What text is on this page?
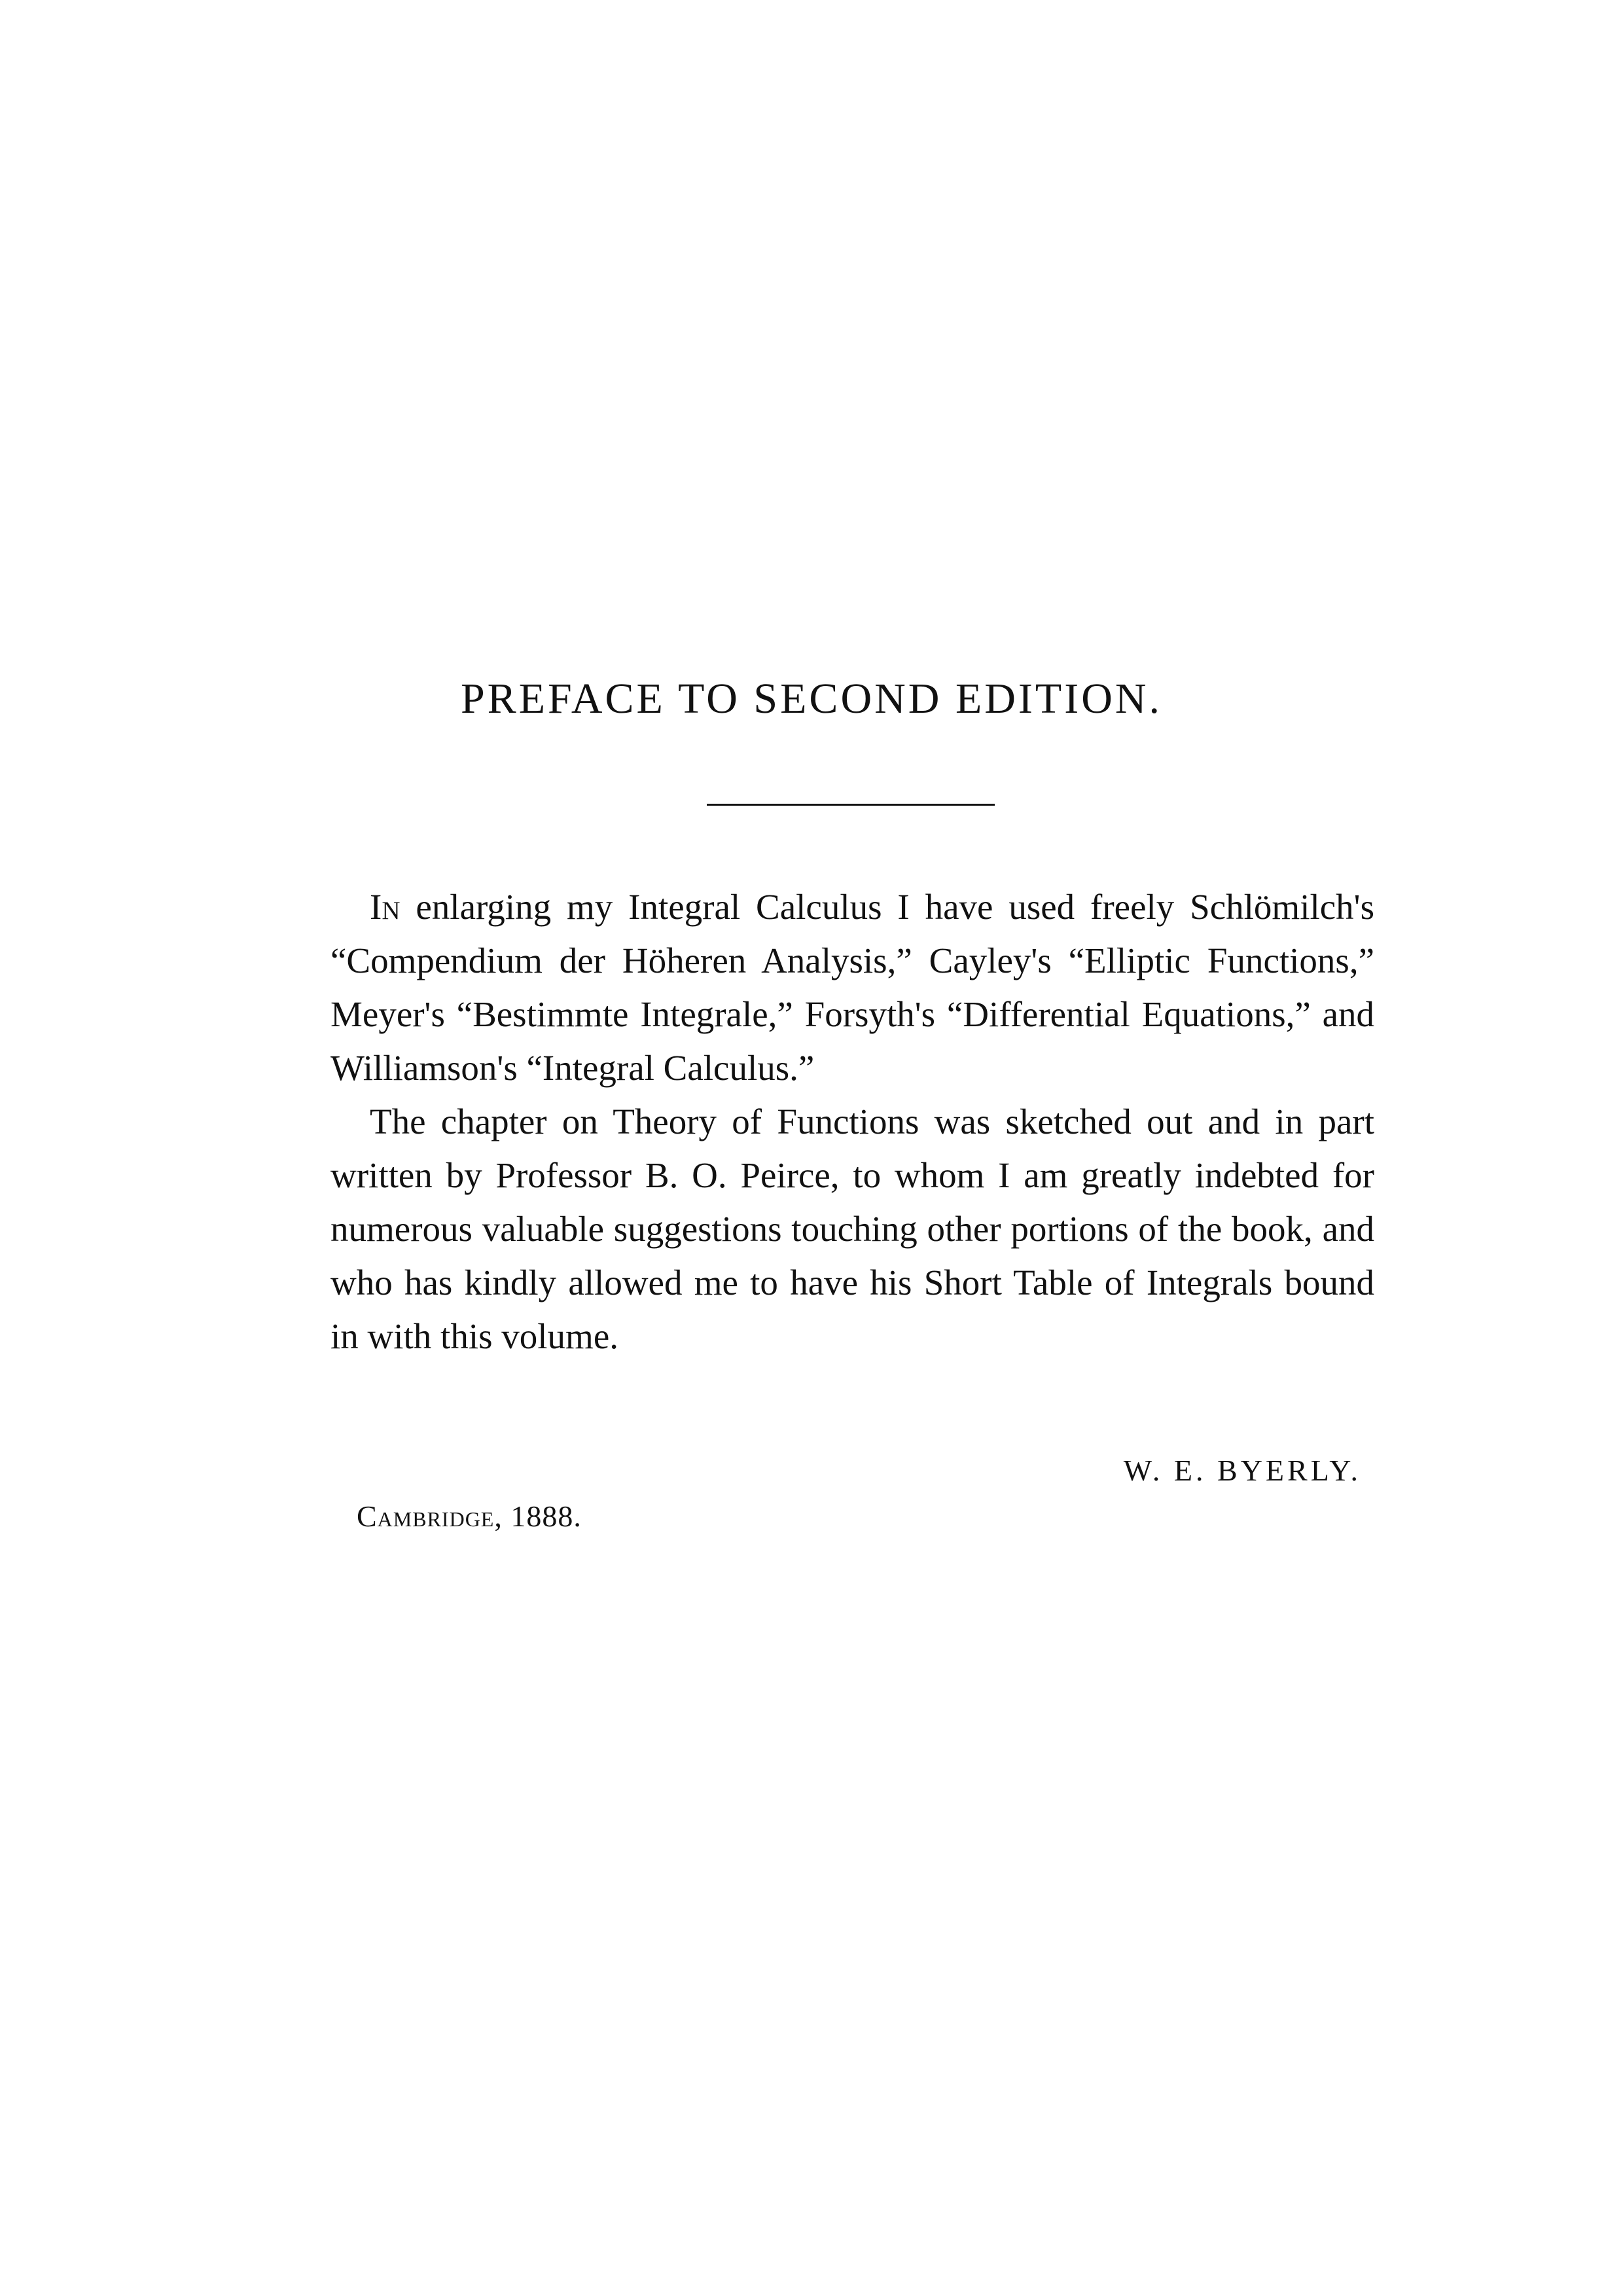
PREFACE TO SECOND EDITION.

In enlarging my Integral Calculus I have used freely Schlömilch's “Compendium der Höheren Analysis,” Cayley's “Elliptic Functions,” Meyer's “Bestimmte Integrale,” Forsyth's “Differential Equations,” and Williamson's “Integral Calculus.”

The chapter on Theory of Functions was sketched out and in part written by Professor B. O. Peirce, to whom I am greatly indebted for numerous valuable suggestions touching other portions of the book, and who has kindly allowed me to have his Short Table of Integrals bound in with this volume.

W. E. BYERLY.
Cambridge, 1888.
